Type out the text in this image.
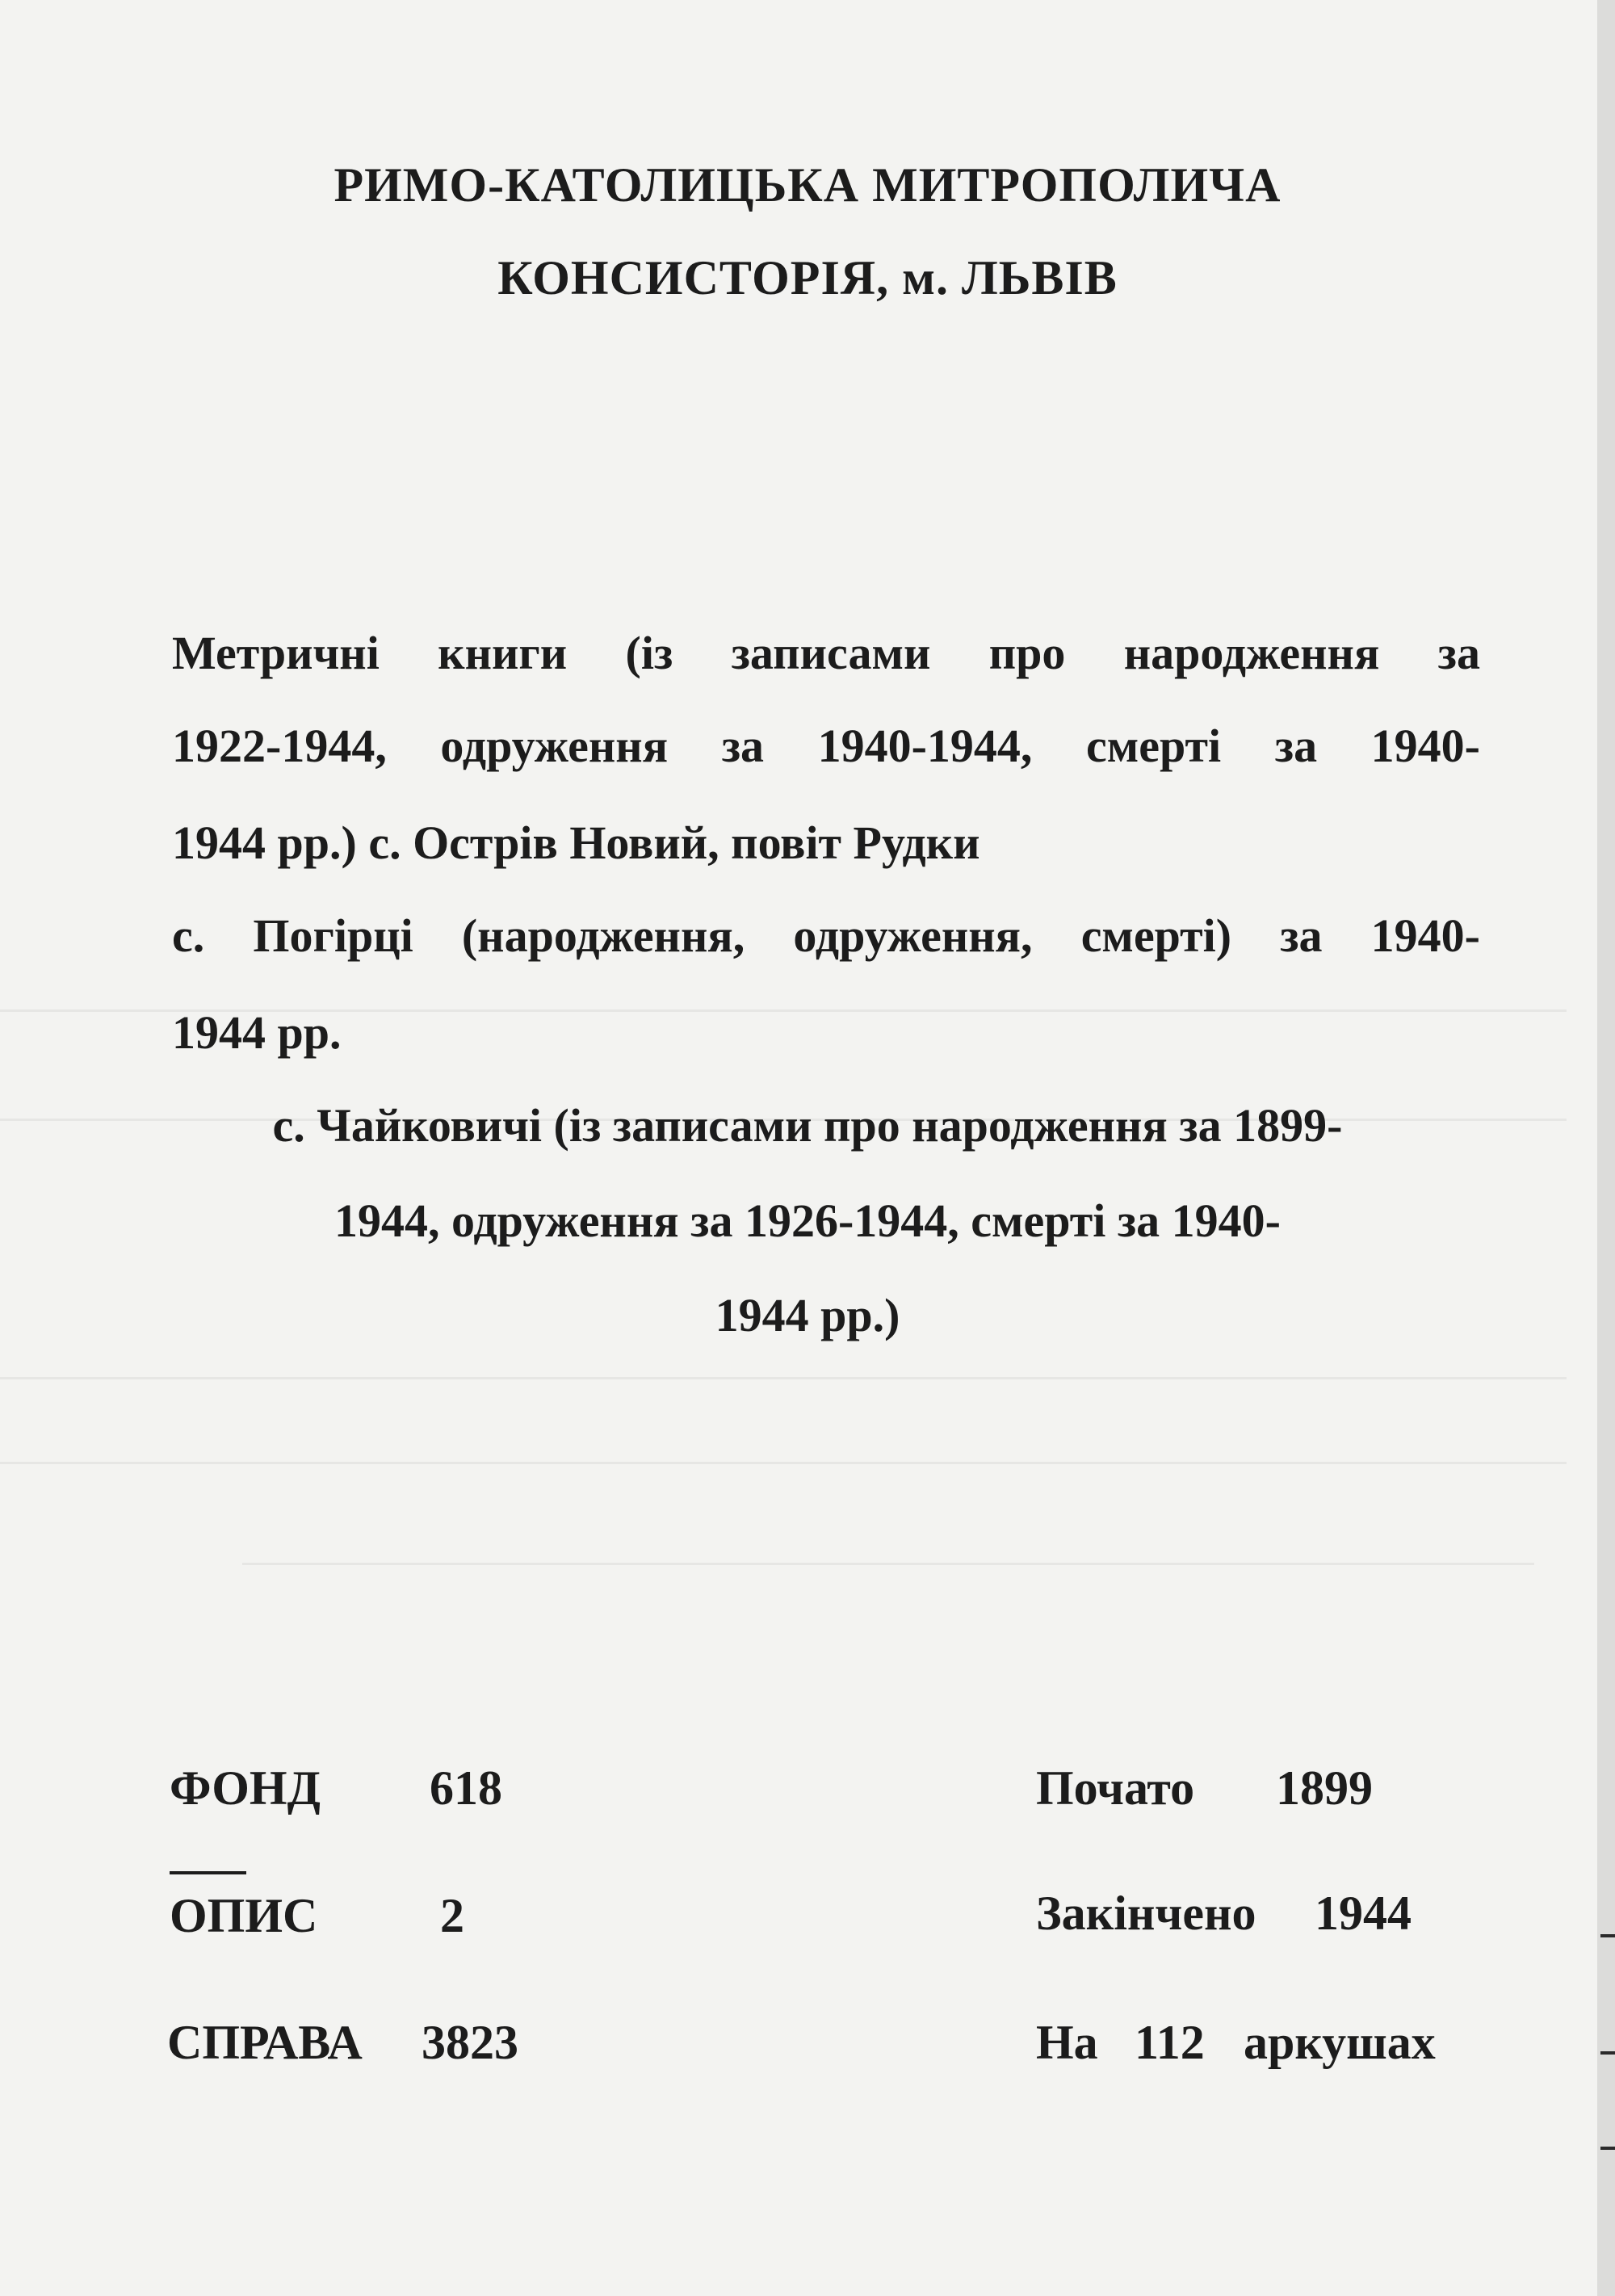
РИМО-КАТОЛИЦЬКА МИТРОПОЛИЧА
КОНСИСТОРІЯ, м. ЛЬВІВ
Метричні книги (із записами про народження за
1922-1944, одруження за 1940-1944, смерті за 1940-
1944 рр.) с. Острів Новий, повіт Рудки
с. Погірці (народження, одруження, смерті) за 1940-
1944 рр.
с. Чайковичі (із записами про народження за 1899-
1944, одруження за 1926-1944, смерті за 1940-
1944 рр.)
ФОНД 618
ОПИС	2
СПРАВА 3823
Почато 1899
Закінчено 1944
На 112 аркушах
